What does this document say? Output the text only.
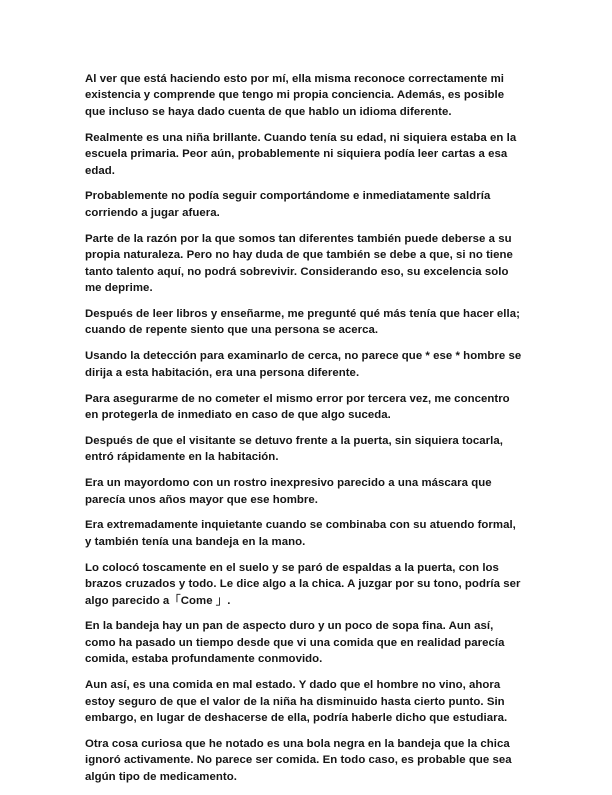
Al ver que está haciendo esto por mí, ella misma reconoce correctamente mi existencia y comprende que tengo mi propia conciencia. Además, es posible que incluso se haya dado cuenta de que hablo un idioma diferente.

Realmente es una niña brillante. Cuando tenía su edad, ni siquiera estaba en la escuela primaria. Peor aún, probablemente ni siquiera podía leer cartas a esa edad.

Probablemente no podía seguir comportándome e inmediatamente saldría corriendo a jugar afuera.

Parte de la razón por la que somos tan diferentes también puede deberse a su propia naturaleza. Pero no hay duda de que también se debe a que, si no tiene tanto talento aquí, no podrá sobrevivir. Considerando eso, su excelencia solo me deprime.

Después de leer libros y enseñarme, me pregunté qué más tenía que hacer ella; cuando de repente siento que una persona se acerca.

Usando la detección para examinarlo de cerca, no parece que * ese * hombre se dirija a esta habitación, era una persona diferente.

Para asegurarme de no cometer el mismo error por tercera vez, me concentro en protegerla de inmediato en caso de que algo suceda.

Después de que el visitante se detuvo frente a la puerta, sin siquiera tocarla, entró rápidamente en la habitación.

Era un mayordomo con un rostro inexpresivo parecido a una máscara que parecía unos años mayor que ese hombre.

Era extremadamente inquietante cuando se combinaba con su atuendo formal, y también tenía una bandeja en la mano.

Lo colocó toscamente en el suelo y se paró de espaldas a la puerta, con los brazos cruzados y todo. Le dice algo a la chica. A juzgar por su tono, podría ser algo parecido a「Come 」.

En la bandeja hay un pan de aspecto duro y un poco de sopa fina. Aun así, como ha pasado un tiempo desde que vi una comida que en realidad parecía comida, estaba profundamente conmovido.

Aun así, es una comida en mal estado. Y dado que el hombre no vino, ahora estoy seguro de que el valor de la niña ha disminuido hasta cierto punto. Sin embargo, en lugar de deshacerse de ella, podría haberle dicho que estudiara.

Otra cosa curiosa que he notado es una bola negra en la bandeja que la chica ignoró activamente. No parece ser comida. En todo caso, es probable que sea algún tipo de medicamento.
